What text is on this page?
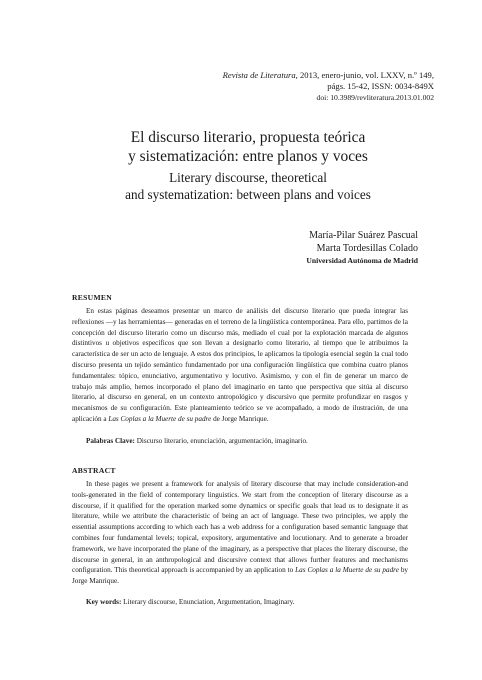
Revista de Literatura, 2013, enero-junio, vol. LXXV, n.º 149,
págs. 15-42, ISSN: 0034-849X
doi: 10.3989/revliteratura.2013.01.002
El discurso literario, propuesta teórica
y sistematización: entre planos y voces
Literary discourse, theoretical
and systematization: between plans and voices
María-Pilar Suárez Pascual
Marta Tordesillas Colado
Universidad Autónoma de Madrid
RESUMEN
En estas páginas deseamos presentar un marco de análisis del discurso literario que pueda integrar las reflexiones —y las herramientas— generadas en el terreno de la lingüística contemporánea. Para ello, partimos de la concepción del discurso literario como un discurso más, mediado el cual por la explotación marcada de algunos distintivos u objetivos específicos que son llevan a designarlo como literario, al tiempo que le atribuimos la característica de ser un acto de lenguaje. A estos dos principios, le aplicamos la tipología esencial según la cual todo discurso presenta un tejido semántico fundamentado por una configuración lingüística que combina cuatro planos fundamentales: tópico, enunciativo, argumentativo y locutivo. Asimismo, y con el fin de generar un marco de trabajo más amplio, hemos incorporado el plano del imaginario en tanto que perspectiva que sitúa al discurso literario, al discurso en general, en un contexto antropológico y discursivo que permite profundizar en rasgos y mecanismos de su configuración. Este planteamiento teórico se ve acompañado, a modo de ilustración, de una aplicación a Las Coplas a la Muerte de su padre de Jorge Manrique.
Palabras Clave: Discurso literario, enunciación, argumentación, imaginario.
ABSTRACT
In these pages we present a framework for analysis of literary discourse that may include consideration-and tools-generated in the field of contemporary linguistics. We start from the conception of literary discourse as a discourse, if it qualified for the operation marked some dynamics or specific goals that lead us to designate it as literature, while we attribute the characteristic of being an act of language. These two principles, we apply the essential assumptions according to which each has a web address for a configuration based semantic language that combines four fundamental levels; topical, expository, argumentative and locutionary. And to generate a broader framework, we have incorporated the plane of the imaginary, as a perspective that places the literary discourse, the discourse in general, in an anthropological and discursive context that allows further features and mechanisms configuration. This theoretical approach is accompanied by an application to Las Coplas a la Muerte de su padre by Jorge Manrique.
Key words: Literary discourse, Enunciation, Argumentation, Imaginary.
